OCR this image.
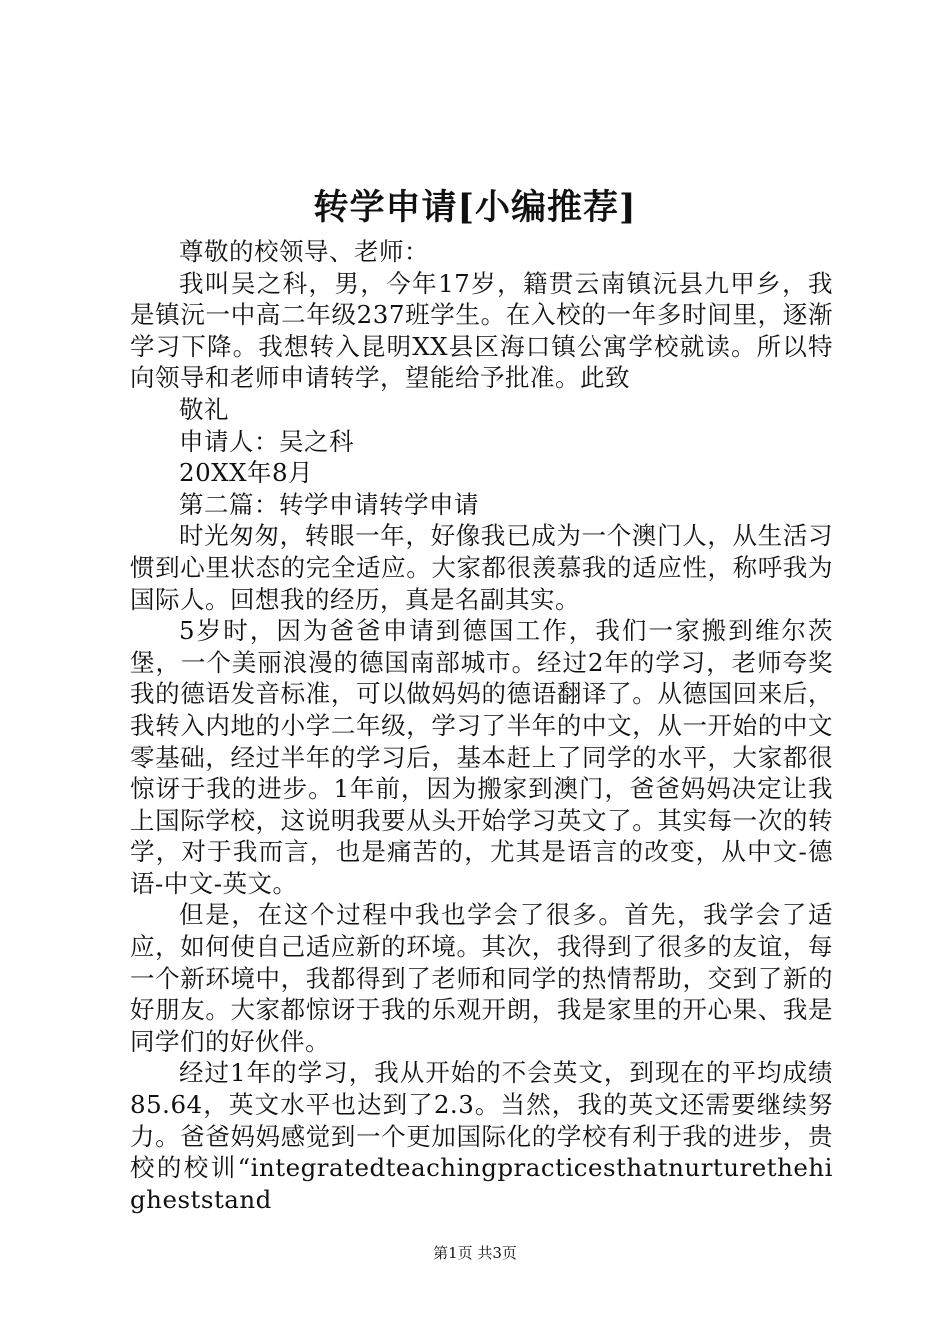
转学申请[小编推荐]

尊敬的校领导、老师：

我叫吴之科，男，今年17岁，籍贯云南镇沅县九甲乡，我是镇沅一中高二年级237班学生。在入校的一年多时间里，逐渐学习下降。我想转入昆明XX县区海口镇公寓学校就读。所以特向领导和老师申请转学，望能给予批准。此致

敬礼

申请人：吴之科

20XX年8月

第二篇：转学申请转学申请

时光匆匆，转眼一年，好像我已成为一个澳门人，从生活习惯到心里状态的完全适应。大家都很羡慕我的适应性，称呼我为国际人。回想我的经历，真是名副其实。

5岁时，因为爸爸申请到德国工作，我们一家搬到维尔茨堡，一个美丽浪漫的德国南部城市。经过2年的学习，老师夸奖我的德语发音标准，可以做妈妈的德语翻译了。从德国回来后，我转入内地的小学二年级，学习了半年的中文，从一开始的中文零基础，经过半年的学习后，基本赶上了同学的水平，大家都很惊讶于我的进步。1年前，因为搬家到澳门，爸爸妈妈决定让我上国际学校，这说明我要从头开始学习英文了。其实每一次的转学，对于我而言，也是痛苦的，尤其是语言的改变，从中文-德语-中文-英文。

但是，在这个过程中我也学会了很多。首先，我学会了适应，如何使自己适应新的环境。其次，我得到了很多的友谊，每一个新环境中，我都得到了老师和同学的热情帮助，交到了新的好朋友。大家都惊讶于我的乐观开朗，我是家里的开心果、我是同学们的好伙伴。

经过1年的学习，我从开始的不会英文，到现在的平均成绩85.64，英文水平也达到了2.3。当然，我的英文还需要继续努力。爸爸妈妈感觉到一个更加国际化的学校有利于我的进步，贵校的校训“integratedteachingpracticesthatnurturethehigheststand

第1页 共3页
